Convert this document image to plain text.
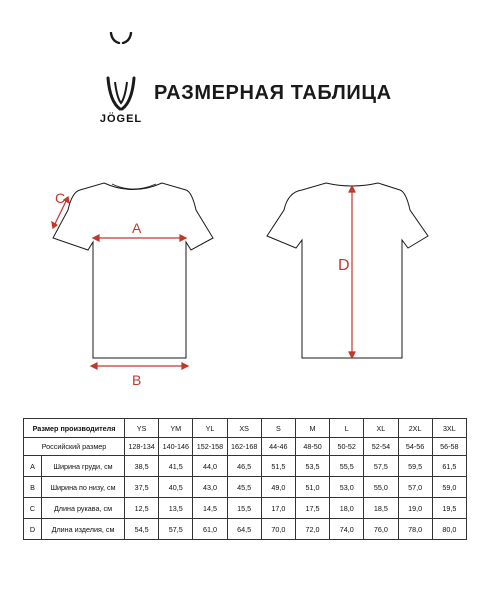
JÖGEL
РАЗМЕРНАЯ ТАБЛИЦА
C
A
B
D
Размер производителя		YS	YM	YL	XS	S	M	L	XL	2XL	3XL
Российский размер		128-134	140-146	152-158	162-168	44-46	48-50	50-52	52-54	54-56	56-58
A	Ширина груди, см	38,5	41,5	44,0	46,5	51,5	53,5	55,5	57,5	59,5	61,5
B	Ширина по низу, см	37,5	40,5	43,0	45,5	49,0	51,0	53,0	55,0	57,0	59,0
C	Длина рукава, см	12,5	13,5	14,5	15,5	17,0	17,5	18,0	18,5	19,0	19,5
D	Длина изделия, см	54,5	57,5	61,0	64,5	70,0	72,0	74,0	76,0	78,0	80,0
